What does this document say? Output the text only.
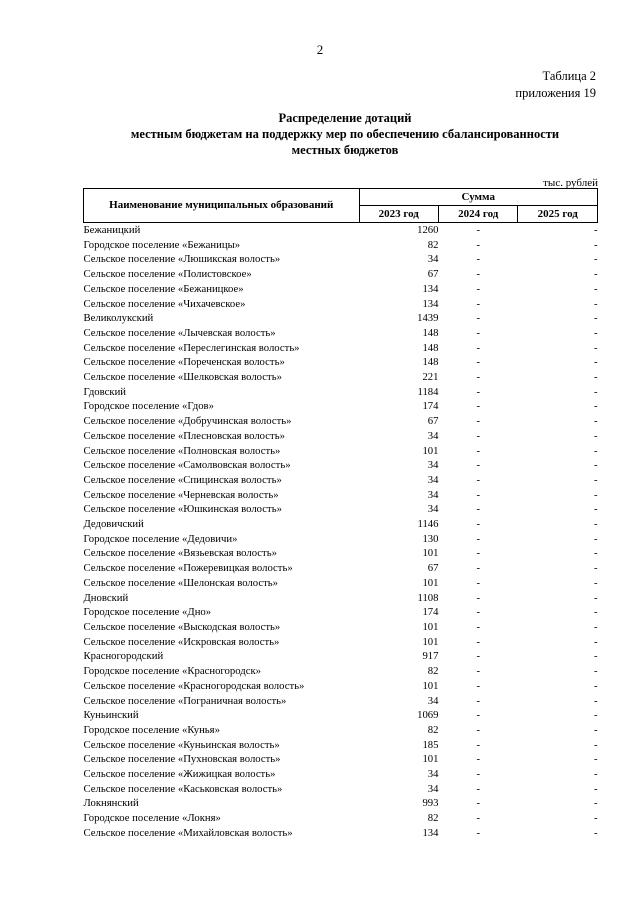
2
Таблица 2
приложения 19
Распределение дотаций
местным бюджетам на поддержку мер по обеспечению сбалансированности
местных бюджетов
тыс. рублей
Наименование муниципальных образований	Сумма		
	2023 год	2024 год	2025 год
Бежаницкий	1260	-	-
Городское поселение «Бежаницы»	82	-	-
Сельское поселение «Люшикская волость»	34	-	-
Сельское поселение «Полистовское»	67	-	-
Сельское поселение «Бежаницкое»	134	-	-
Сельское поселение «Чихачевское»	134	-	-
Великолукский	1439	-	-
Сельское поселение «Лычевская волость»	148	-	-
Сельское поселение «Переслегинская волость»	148	-	-
Сельское поселение «Пореченская волость»	148	-	-
Сельское поселение «Шелковская волость»	221	-	-
Гдовский	1184	-	-
Городское поселение «Гдов»	174	-	-
Сельское поселение «Добручинская волость»	67	-	-
Сельское поселение «Плесновская волость»	34	-	-
Сельское поселение «Полновская волость»	101	-	-
Сельское поселение «Самолвовская волость»	34	-	-
Сельское поселение «Спицинская волость»	34	-	-
Сельское поселение «Черневская волость»	34	-	-
Сельское поселение «Юшкинская волость»	34	-	-
Дедовичский	1146	-	-
Городское поселение «Дедовичи»	130	-	-
Сельское поселение «Вязьевская волость»	101	-	-
Сельское поселение «Пожеревицкая волость»	67	-	-
Сельское поселение «Шелонская волость»	101	-	-
Дновский	1108	-	-
Городское поселение «Дно»	174	-	-
Сельское поселение «Выскодская волость»	101	-	-
Сельское поселение «Искровская волость»	101	-	-
Красногородский	917	-	-
Городское поселение «Красногородск»	82	-	-
Сельское поселение «Красногородская волость»	101	-	-
Сельское поселение «Пограничная волость»	34	-	-
Куньинский	1069	-	-
Городское поселение «Кунья»	82	-	-
Сельское поселение «Куньинская волость»	185	-	-
Сельское поселение «Пухновская волость»	101	-	-
Сельское поселение «Жижицкая волость»	34	-	-
Сельское поселение «Каськовская волость»	34	-	-
Локнянский	993	-	-
Городское поселение «Локня»	82	-	-
Сельское поселение «Михайловская волость»	134	-	-
